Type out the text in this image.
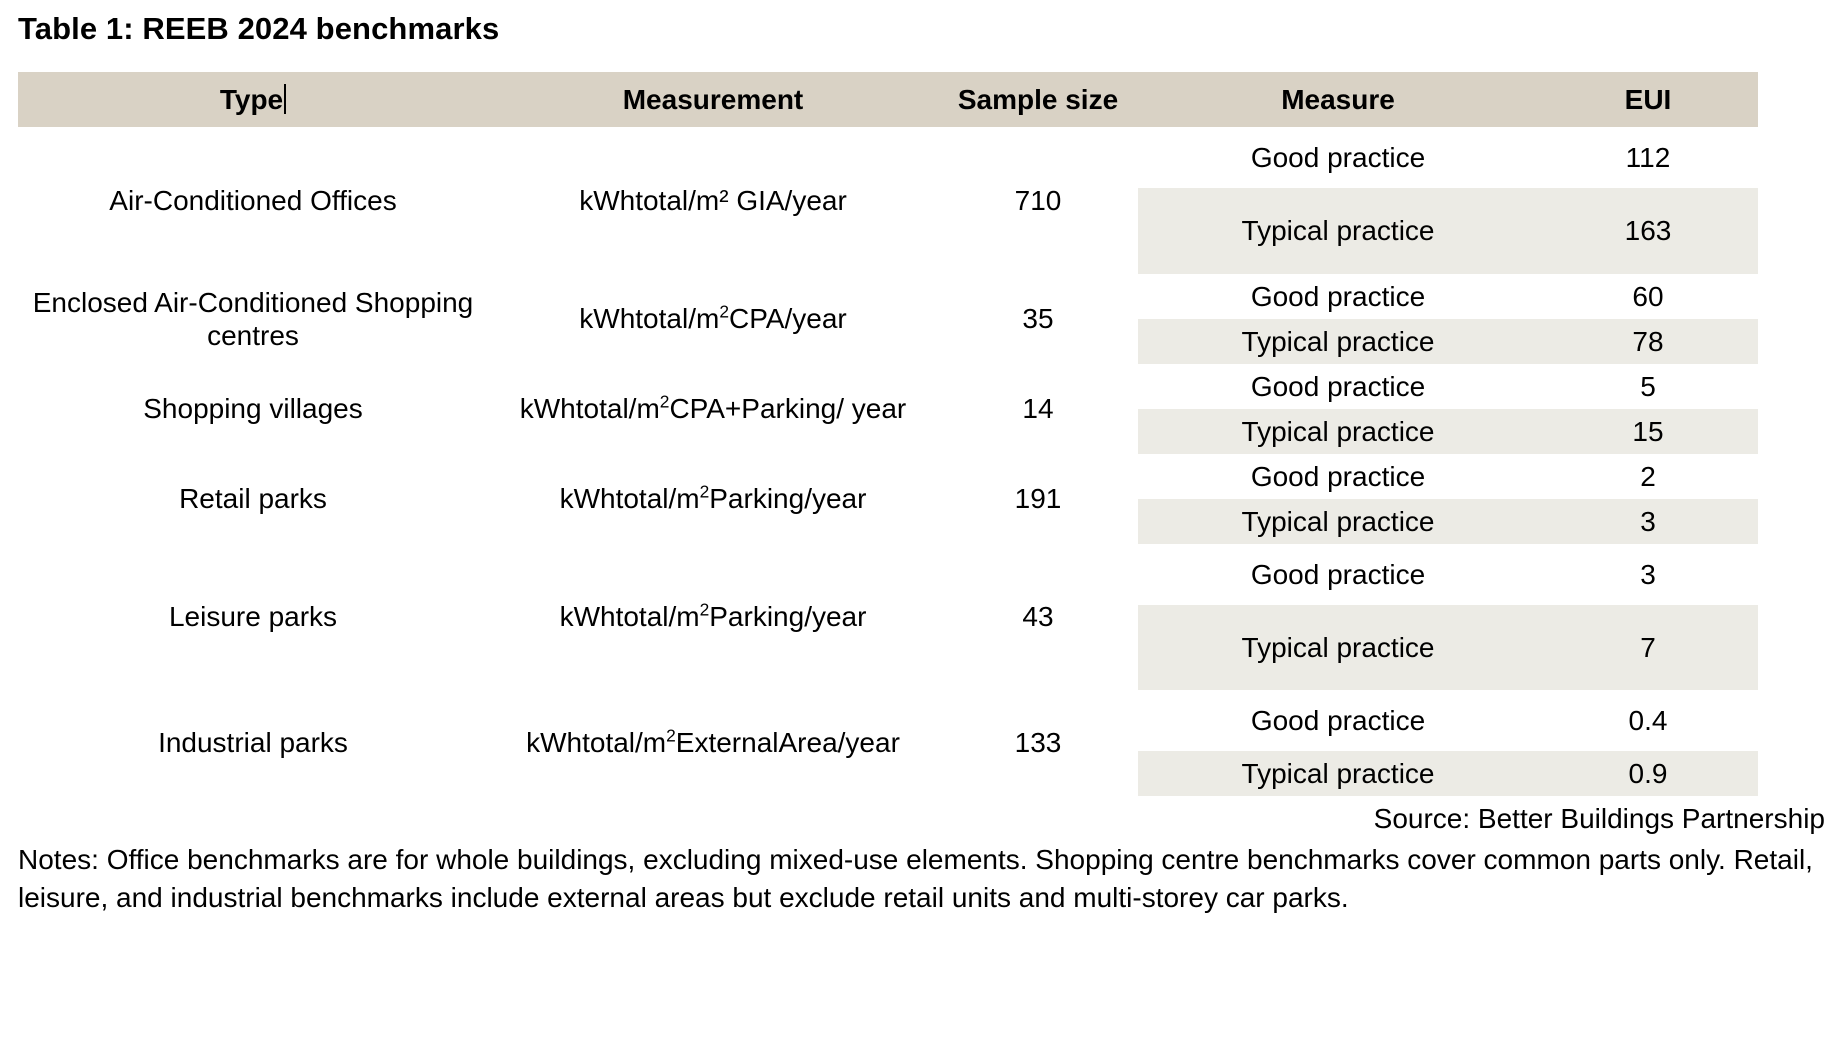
Table 1: REEB 2024 benchmarks
Type	Measurement	Sample size	Measure	EUI
Air-Conditioned Offices	kWhtotal/m² GIA/year	710	Good practice	112
			Typical practice	163
Enclosed Air-Conditioned Shopping centres	kWhtotal/$m^2CPA$/year	35	Good practice	60
			Typical practice	78
Shopping villages	kWhtotal/$m^2CPA+Parking/$ year	14	Good practice	5
			Typical practice	15
Retail parks	kWhtotal/$m^2Parking$/year	191	Good practice	2
			Typical practice	3
Leisure parks	kWhtotal/$m^2Parking$/year	43	Good practice	3
			Typical practice	7
Industrial parks	kWhtotal/$m^2ExternalArea$/year	133	Good practice	0.4
			Typical practice	0.9
Source: Better Buildings Partnership
Notes: Office benchmarks are for whole buildings, excluding mixed-use elements. Shopping centre benchmarks cover common parts only. Retail, leisure, and industrial benchmarks include external areas but exclude retail units and multi-storey car parks.
